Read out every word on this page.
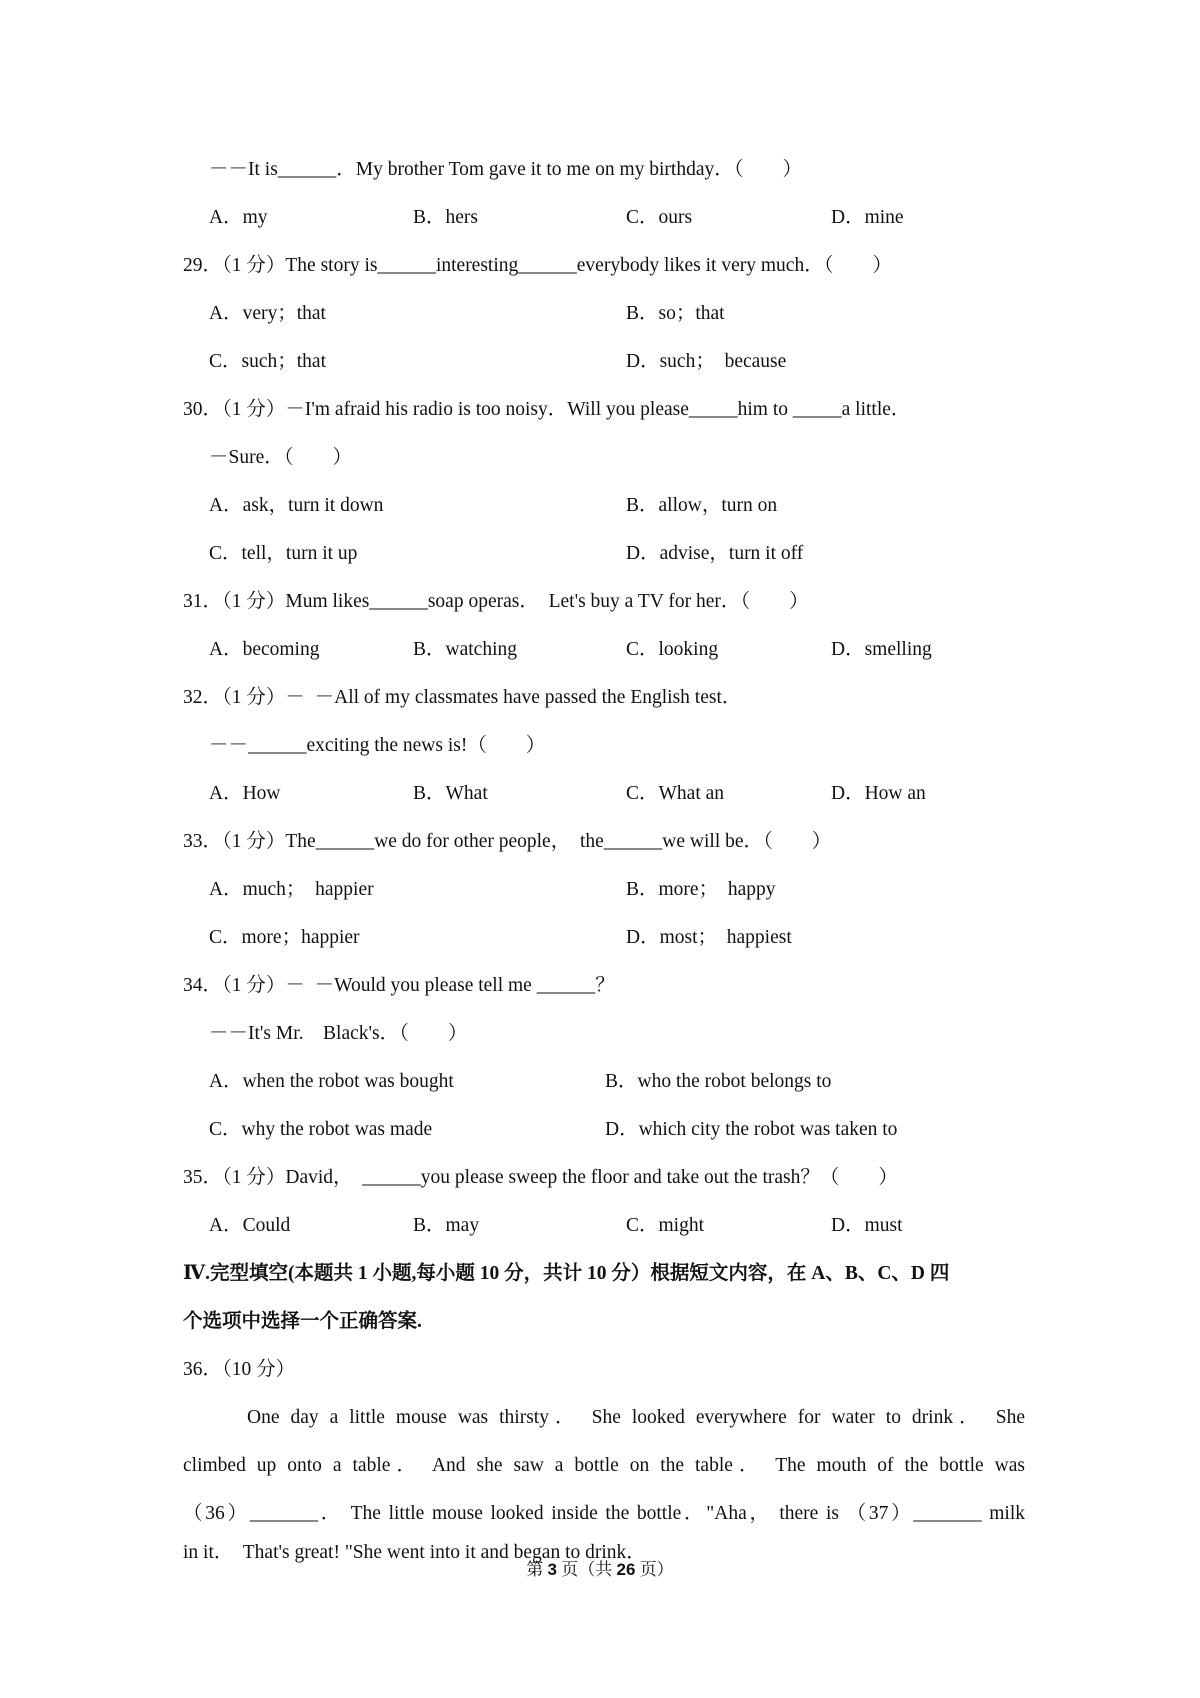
－－It is______．My brother Tom gave it to me on my birthday．（　　）

A．my

	B．hers

	C．ours

	D．mine

29．（1 分）The story is______interesting______everybody likes it very much．（　　）

A．very；that

	B．so；that

C．such；that

	D．such；  because

30．（1 分）－I'm afraid his radio is too noisy．Will you please_____him to _____a little．
－Sure．（　　）

A．ask，turn it down

	B．allow，turn on

C．tell，turn it up

	D．advise，turn it off

31．（1 分）Mum likes______soap operas．  Let's buy a TV for her．（　　）

A．becoming

	B．watching

	C．looking

	D．smelling

32．（1 分）－  －All of my classmates have passed the English test．
－－______exciting the news is!（　　）

A．How

	B．What

	C．What an

	D．How an

33．（1 分）The______we do for other people，  the______we will be．（　　）

A．much；  happier

	B．more；  happy

C．more；happier

	D．most；  happiest

34．（1 分）－  －Would you please tell me ______？
－－It's Mr.    Black's．（　　）

A．when the robot was bought

	B．who the robot belongs to

C．why the robot was made

	D．which city the robot was taken to

35．（1 分）David，  ______you please sweep the floor and take out the trash？（　　）

A．Could

	B．may

	C．might

	D．must

Ⅳ.完型填空(本题共 1 小题,每小题 10 分，共计 10 分）根据短文内容，在 A、B、C、D 四
个选项中选择一个正确答案.
36．（10 分）
One day a little mouse was thirsty． She looked everywhere for water to drink． She
climbed up onto a table． And she saw a bottle on the table． The mouth of the bottle was
（36）_______． The little mouse looked inside the bottle．"Aha， there is （37）_______ milk
in it．  That's great! "She went into it and began to drink．
第 3 页（共 26 页）
